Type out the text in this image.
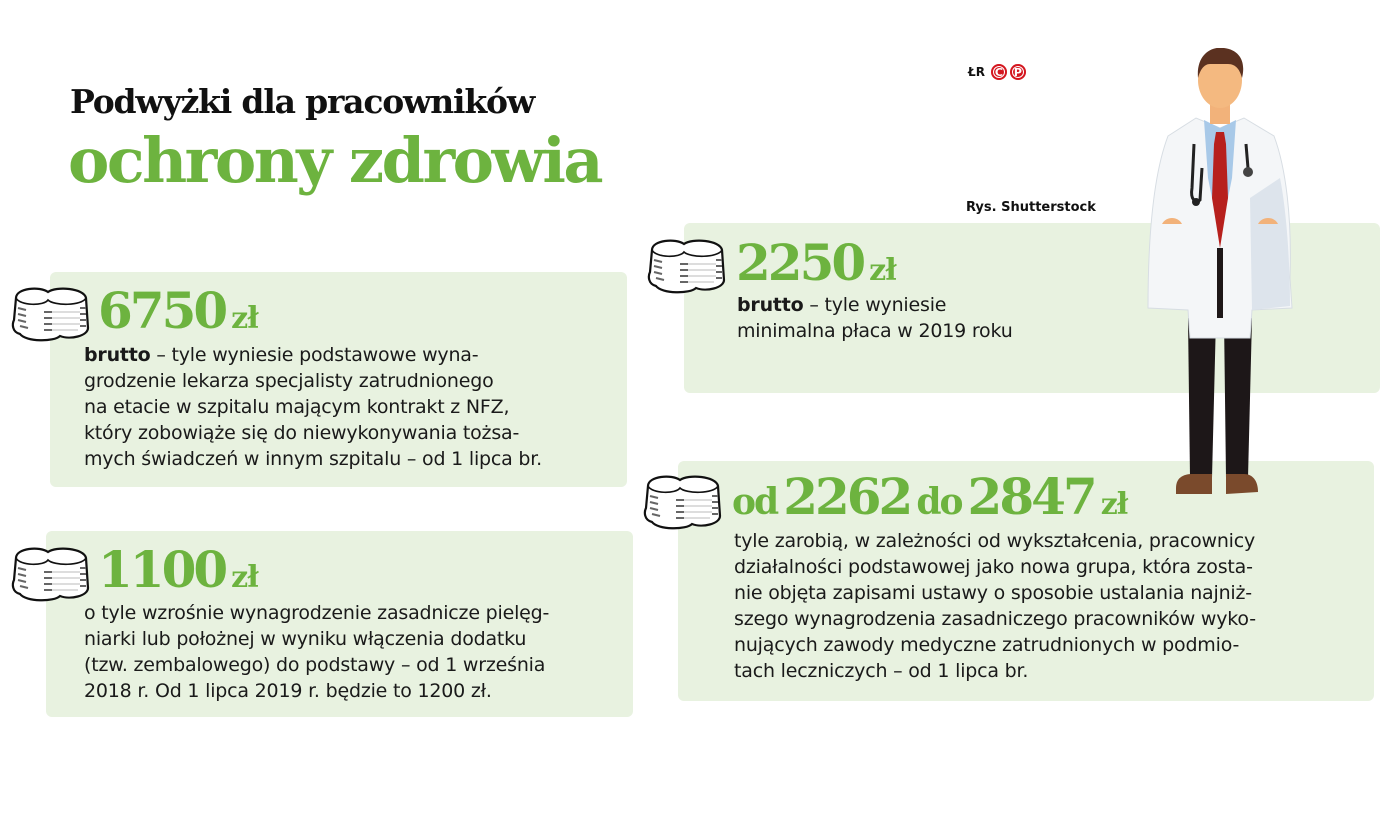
Podwyżki dla pracowników
ochrony zdrowia
ŁR C P
Rys. Shutterstock
6750 zł
brutto – tyle wyniesie podstawowe wyna-
grodzenie lekarza specjalisty zatrudnionego
na etacie w szpitalu mającym kontrakt z NFZ,
który zobowiąże się do niewykonywania tożsa-
mych świadczeń w innym szpitalu – od 1 lipca br.
1100 zł
o tyle wzrośnie wynagrodzenie zasadnicze pielęg-
niarki lub położnej w wyniku włączenia dodatku
(tzw. zembalowego) do podstawy – od 1 września
2018 r. Od 1 lipca 2019 r. będzie to 1200 zł.
2250 zł
brutto – tyle wyniesie
minimalna płaca w 2019 roku
od 2262 do 2847 zł
tyle zarobią, w zależności od wykształcenia, pracownicy
działalności podstawowej jako nowa grupa, która zosta-
nie objęta zapisami ustawy o sposobie ustalania najniż-
szego wynagrodzenia zasadniczego pracowników wyko-
nujących zawody medyczne zatrudnionych w podmio-
tach leczniczych – od 1 lipca br.
